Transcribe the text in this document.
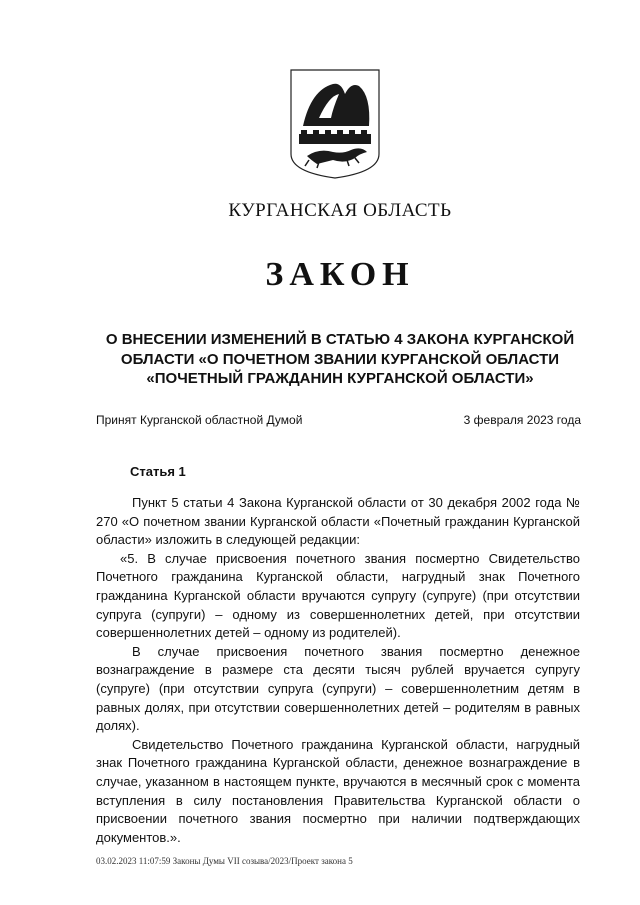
КУРГАНСКАЯ ОБЛАСТЬ
ЗАКОН
О ВНЕСЕНИИ ИЗМЕНЕНИЙ В СТАТЬЮ 4 ЗАКОНА КУРГАНСКОЙ
ОБЛАСТИ «О ПОЧЕТНОМ ЗВАНИИ КУРГАНСКОЙ ОБЛАСТИ
«ПОЧЕТНЫЙ ГРАЖДАНИН КУРГАНСКОЙ ОБЛАСТИ»
Принят Курганской областной Думой	3 февраля 2023 года
Статья 1

Пункт 5 статьи 4 Закона Курганской области от 30 декабря 2002 года № 270 «О почетном звании Курганской области «Почетный гражданин Курганской области» изложить в следующей редакции:

«5. В случае присвоения почетного звания посмертно Свидетельство Почетного гражданина Курганской области, нагрудный знак Почетного гражданина Курганской области вручаются супругу (супруге) (при отсутствии супруга (супруги) – одному из совершеннолетних детей, при отсутствии совершеннолетних детей – одному из родителей).

В случае присвоения почетного звания посмертно денежное вознаграждение в размере ста десяти тысяч рублей вручается супругу (супруге) (при отсутствии супруга (супруги) – совершеннолетним детям в равных долях, при отсутствии совершеннолетних детей – родителям в равных долях).

Свидетельство Почетного гражданина Курганской области, нагрудный знак Почетного гражданина Курганской области, денежное вознаграждение в случае, указанном в настоящем пункте, вручаются в месячный срок с момента вступления в силу постановления Правительства Курганской области о присвоении почетного звания посмертно при наличии подтверждающих документов.».

03.02.2023 11:07:59 Законы Думы VII созыва/2023/Проект закона 5
